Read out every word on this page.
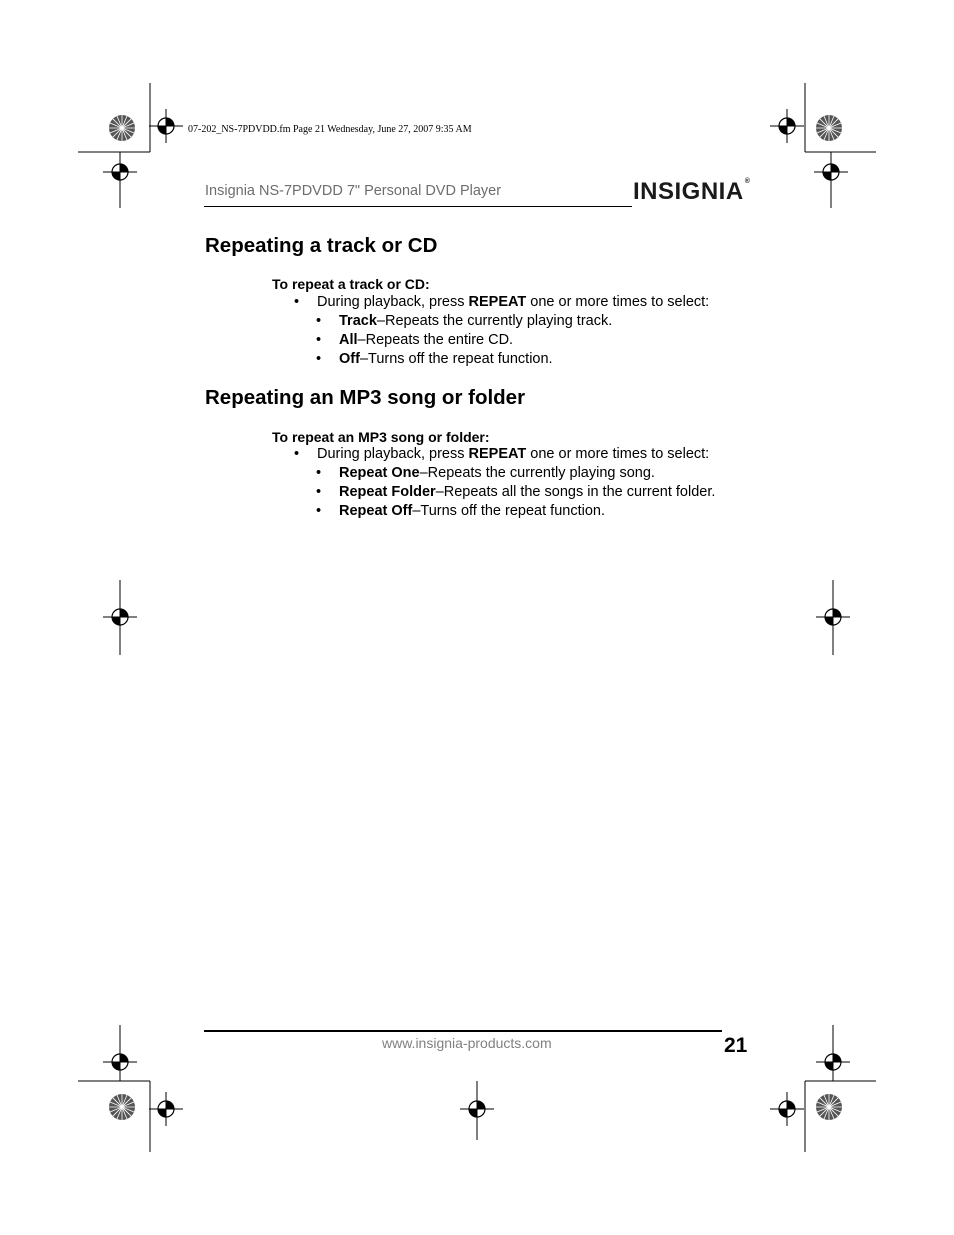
07-202_NS-7PDVDD.fm Page 21 Wednesday, June 27, 2007 9:35 AM
Insignia NS-7PDVDD 7" Personal DVD Player	INSIGNIA®
Repeating a track or CD
To repeat a track or CD:
• During playback, press REPEAT one or more times to select:
• Track–Repeats the currently playing track.
• All–Repeats the entire CD.
• Off–Turns off the repeat function.
Repeating an MP3 song or folder
To repeat an MP3 song or folder:
• During playback, press REPEAT one or more times to select:
• Repeat One–Repeats the currently playing song.
• Repeat Folder–Repeats all the songs in the current folder.
• Repeat Off–Turns off the repeat function.
www.insignia-products.com	21
